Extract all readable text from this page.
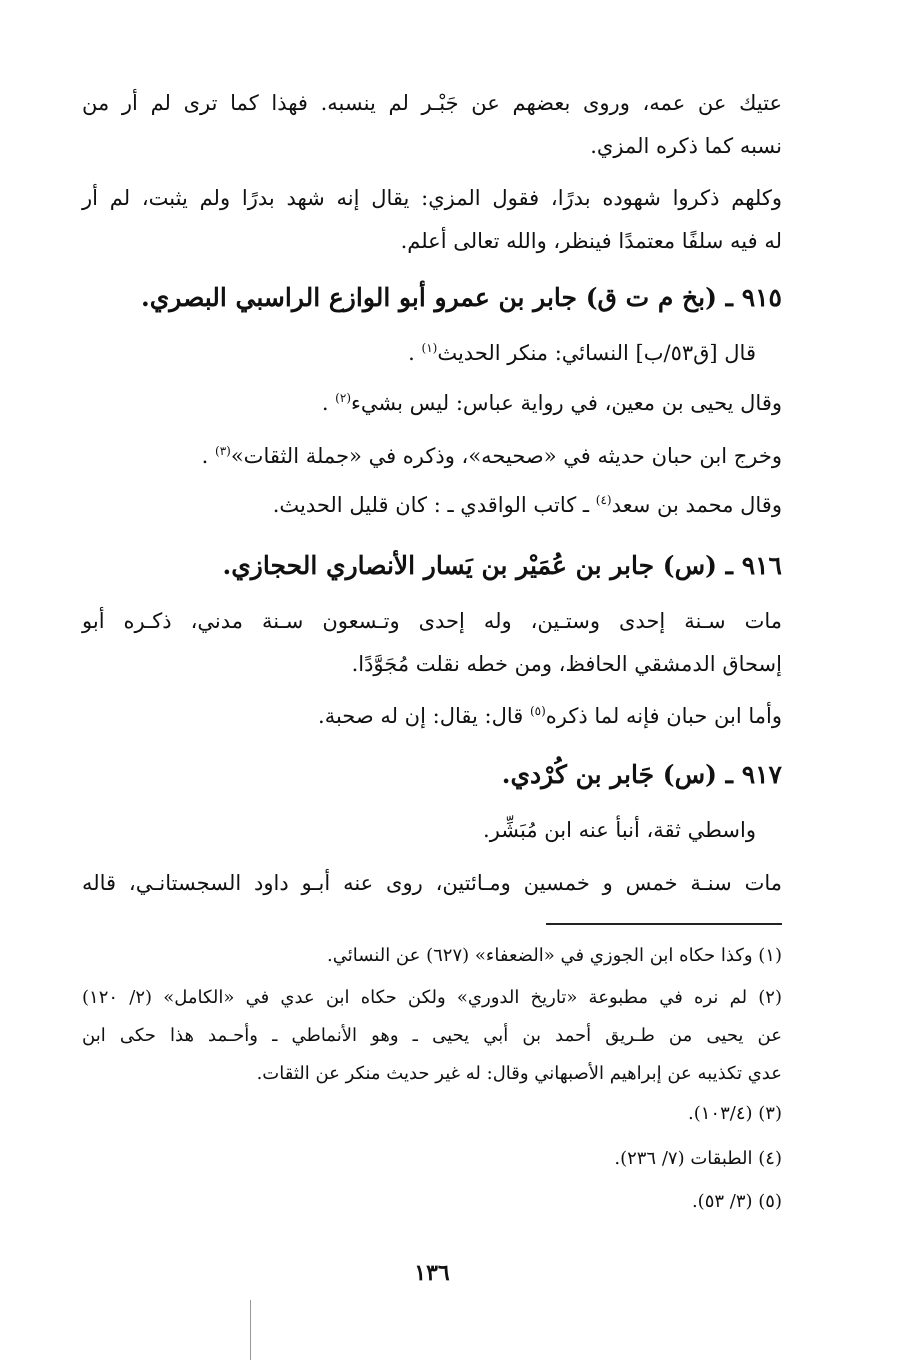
عتيك عن عمه، وروى بعضهم عن جَبْـر لم ينسبه. فهذا كما ترى لم أر من
نسبه كما ذكره المزي.
وكلهم ذكروا شهوده بدرًا، فقول المزي: يقال إنه شهد بدرًا ولم يثبت، لم أر
له فيه سلفًا معتمدًا فينظر، والله تعالى أعلم.
٩١٥ ـ (بخ م ت ق) جابر بن عمرو أبو الوازع الراسبي البصري.
قال [ق٥٣/ب] النسائي: منكر الحديث$^{(١)}$ .
وقال يحيى بن معين، في رواية عباس: ليس بشيء$^{(٢)}$ .
وخرج ابن حبان حديثه في «صحيحه»، وذكره في «جملة الثقات»$^{(٣)}$ .
وقال محمد بن سعد$^{(٤)}$ ـ كاتب الواقدي ـ : كان قليل الحديث.
٩١٦ ـ (س) جابر بن عُمَيْر بن يَسار الأنصاري الحجازي.
مات سـنة إحدى وستـين، وله إحدى وتـسعون سـنة مدني، ذكـره أبو
إسحاق الدمشقي الحافظ، ومن خطه نقلت مُجَوَّدًا.
وأما ابن حبان فإنه لما ذكره$^{(٥)}$ قال: يقال: إن له صحبة.
٩١٧ ـ (س) جَابر بن كُرْدي.
واسطي ثقة، أنبأ عنه ابن مُبَشِّر.
مات سنـة خمس و خمسين ومـائتين، روى عنه أبـو داود السجستانـي، قاله
(١) وكذا حكاه ابن الجوزي في «الضعفاء» (٦٢٧) عن النسائي.
(٢) لم نره في مطبوعة «تاريخ الدوري» ولكن حكاه ابن عدي في «الكامل» (٢/ ١٢٠)
عن يحيى من طـريق أحمد بن أبي يحيى ـ وهو الأنماطي ـ وأحـمد هذا حكى ابن
عدي تكذيبه عن إبراهيم الأصبهاني وقال: له غير حديث منكر عن الثقات.
(٣) (١٠٣/٤).
(٤) الطبقات (٧/ ٢٣٦).
(٥) (٣/ ٥٣).
١٣٦
